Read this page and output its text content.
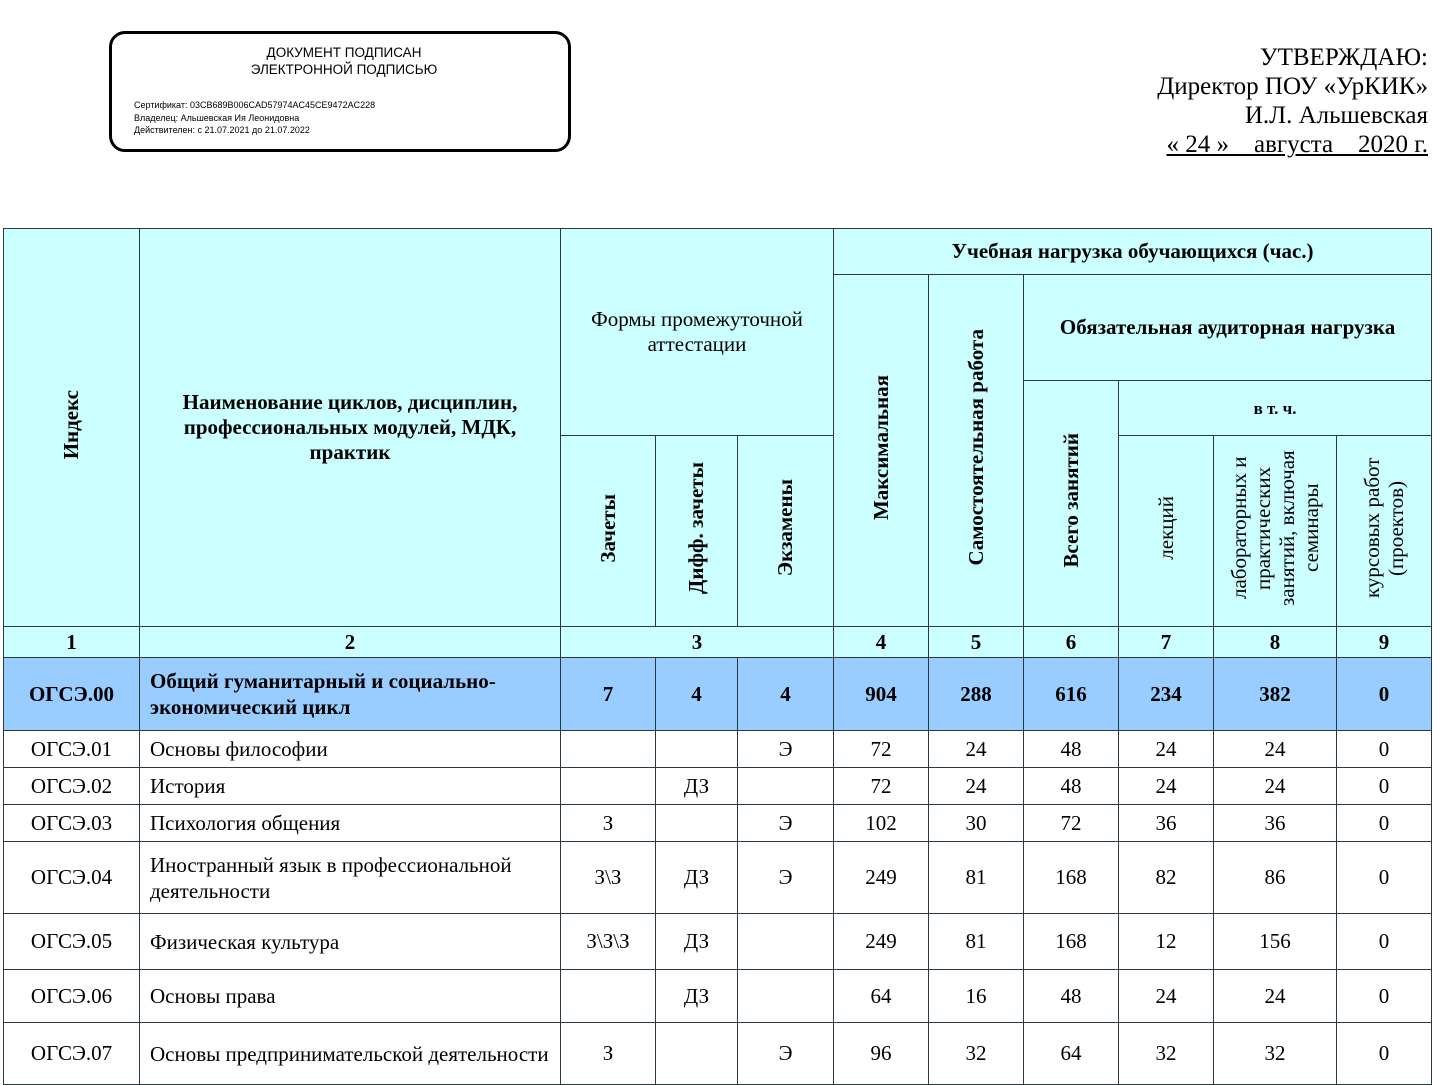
ДОКУМЕНТ ПОДПИСАН
ЭЛЕКТРОННОЙ ПОДПИСЬЮ
Сертификат: 03CB689B006CAD57974AC45CE9472AC228
Владелец: Альшевская Ия Леонидовна
Действителен: с 21.07.2021 до 21.07.2022
УТВЕРЖДАЮ:
Директор ПОУ «УрКИК»
И.Л. Альшевская
« 24 »    августа    2020 г.
Индекс	Наименование циклов, дисциплин, профессиональных модулей, МДК, практик	Формы промежуточной аттестации			Учебная нагрузка обучающихся (час.)					
					Максимальная	Самостоятельная работа	Обязательная аудиторная нагрузка			
							Всего занятий	в т. ч.		
		Зачеты	Дифф. зачеты	Экзамены				лекций	лабораторных и практических занятий, включая семинары	курсовых работ (проектов)
1	2	3			4	5	6	7	8	9
ОГСЭ.00	Общий гуманитарный и социально-экономический цикл	7	4	4	904	288	616	234	382	0
ОГСЭ.01	Основы философии			Э	72	24	48	24	24	0
ОГСЭ.02	История		ДЗ		72	24	48	24	24	0
ОГСЭ.03	Психология общения	З		Э	102	30	72	36	36	0
ОГСЭ.04	Иностранный язык в профессиональной деятельности	З\З	ДЗ	Э	249	81	168	82	86	0
ОГСЭ.05	Физическая культура	З\З\З	ДЗ		249	81	168	12	156	0
ОГСЭ.06	Основы права		ДЗ		64	16	48	24	24	0
ОГСЭ.07	Основы предпринимательской деятельности	З		Э	96	32	64	32	32	0
